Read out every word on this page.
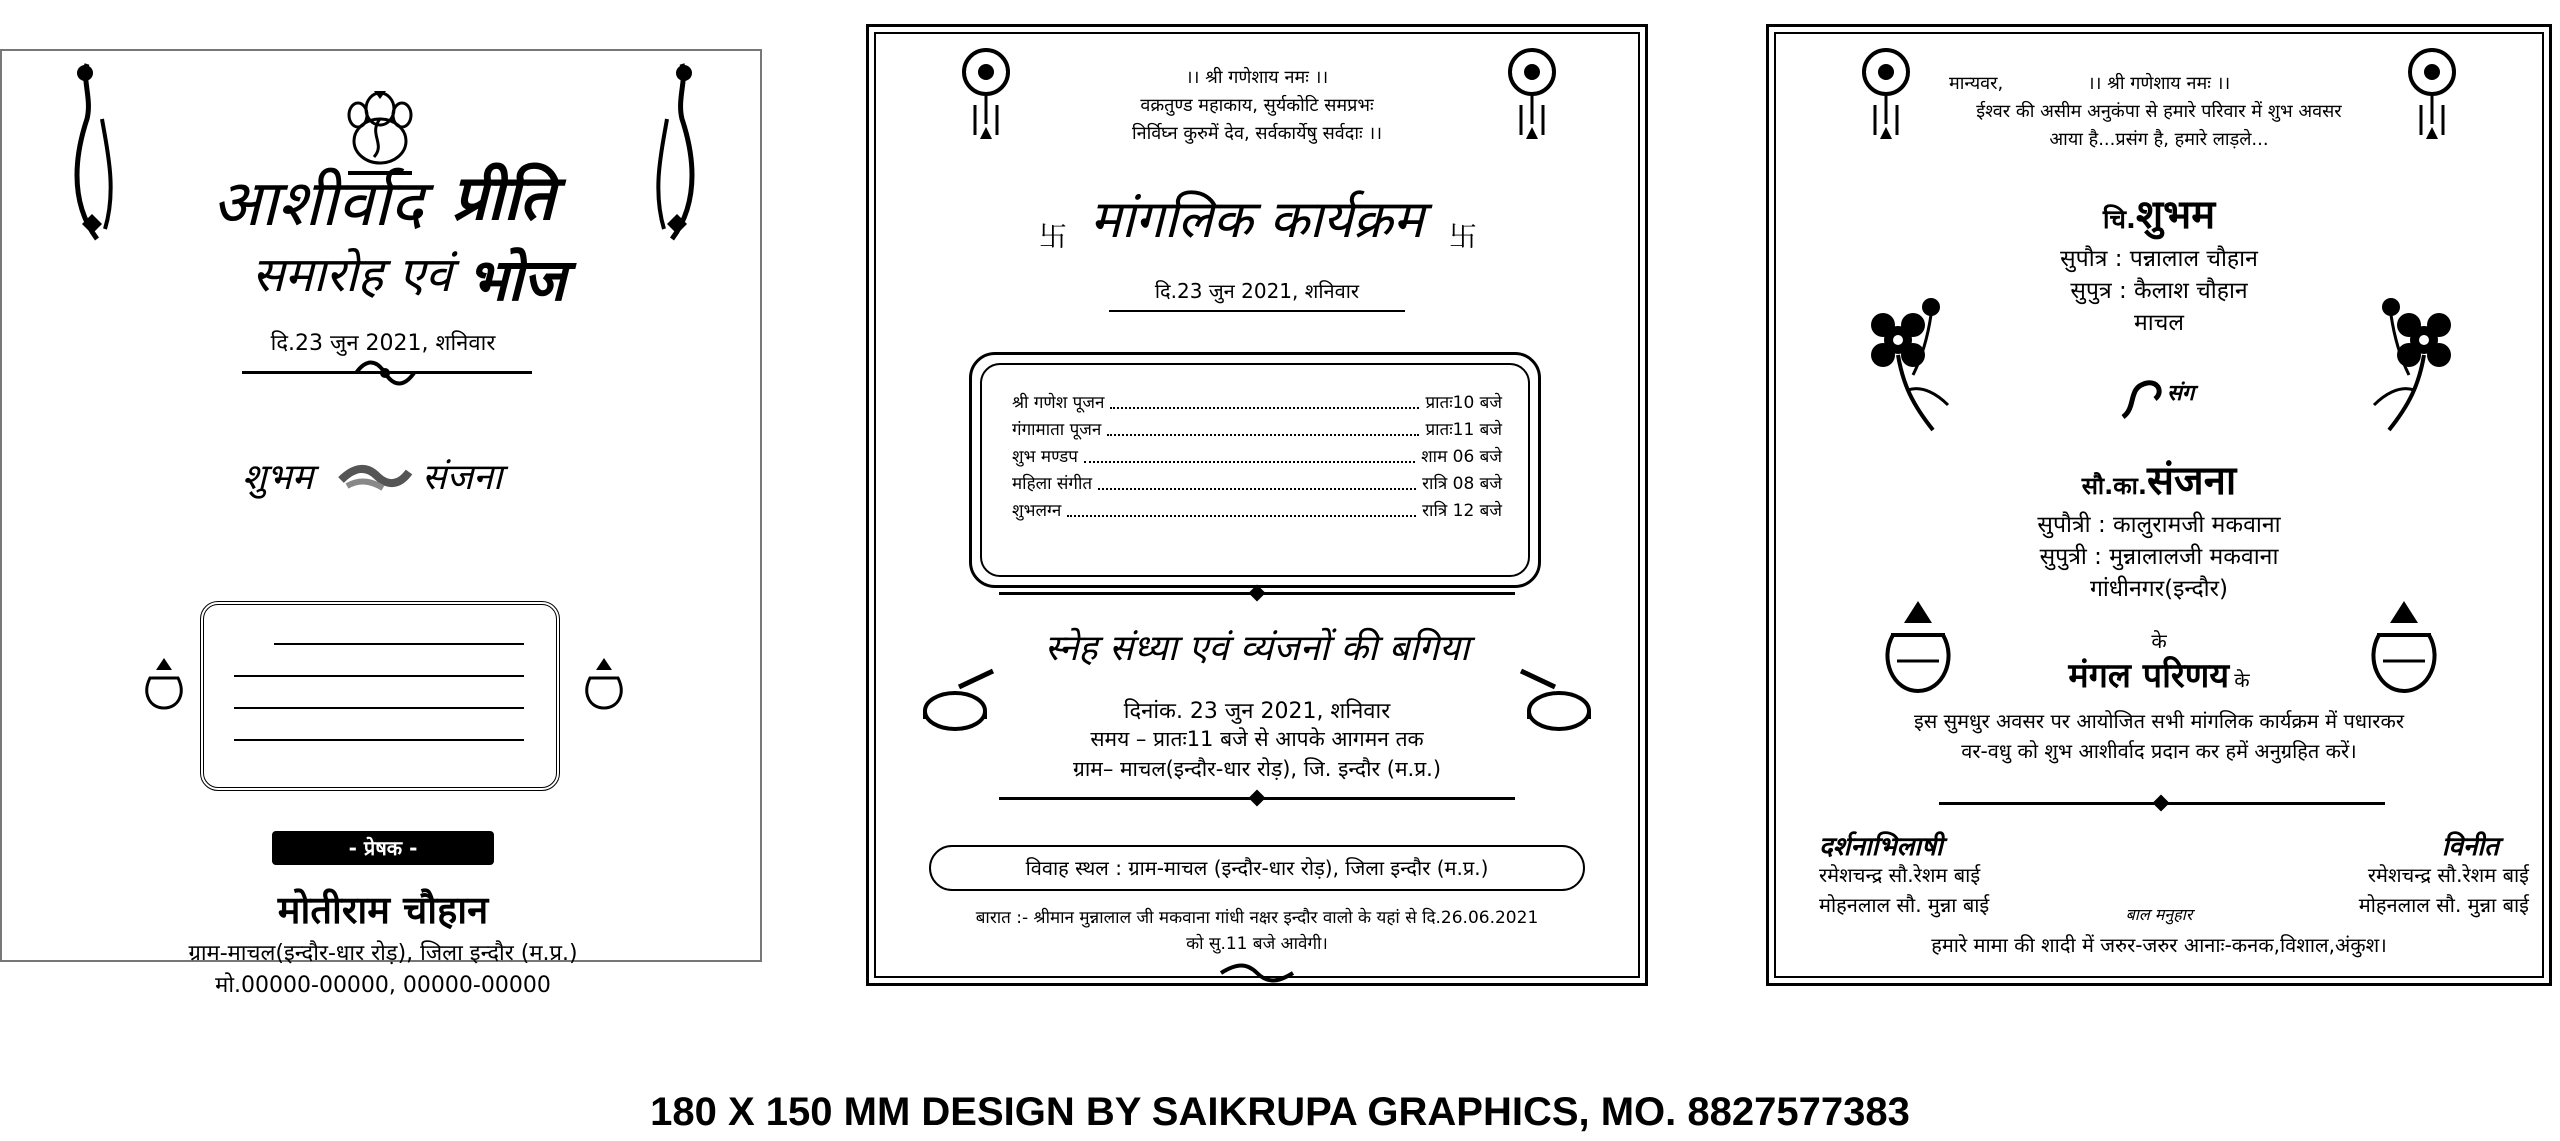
आशीर्वाद
समारोह एवं
प्रीति
भोज
दि.23 जुन 2021, शनिवार
शुभम	संजना
- प्रेषक -
मोतीराम चौहान
ग्राम-माचल(इन्दौर-धार रोड़), जिला इन्दौर (म.प्र.)
मो.00000-00000, 00000-00000
।। श्री गणेशाय नमः ।।
वक्रतुण्ड महाकाय, सुर्यकोटि समप्रभः
निर्विघ्न कुरुमें देव, सर्वकार्येषु सर्वदाः ।।
卐 मांगलिक कार्यक्रम 卐
दि.23 जुन 2021, शनिवार
श्री गणेश पूजन	प्रातः10 बजे
गंगामाता पूजन	प्रातः11 बजे
शुभ मण्डप	शाम 06 बजे
महिला संगीत	रात्रि 08 बजे
शुभलग्न	रात्रि 12 बजे
स्नेह संध्या एवं व्यंजनों की बगिया
दिनांक. 23 जुन 2021, शनिवार
समय – प्रातः11 बजे से आपके आगमन तक
ग्राम– माचल(इन्दौर-धार रोड़), जि. इन्दौर (म.प्र.)
विवाह स्थल : ग्राम-माचल (इन्दौर-धार रोड़), जिला इन्दौर (म.प्र.)
बारात :- श्रीमान मुन्नालाल जी मकवाना गांधी नक्षर इन्दौर वालो के यहां से दि.26.06.2021
को सु.11 बजे आवेगी।
मान्यवर,	।। श्री गणेशाय नमः ।।
ईश्वर की असीम अनुकंपा से हमारे परिवार में शुभ अवसर
आया है...प्रसंग है, हमारे लाड़ले...
चि.शुभम
सुपौत्र : पन्नालाल चौहान
सुपुत्र : कैलाश चौहान
माचल
संग
सौ.का.संजना
सुपौत्री : कालुरामजी मकवाना
सुपुत्री : मुन्नालालजी मकवाना
गांधीनगर(इन्दौर)
के
मंगल परिणय के
इस सुमधुर अवसर पर आयोजित सभी मांगलिक कार्यक्रम में पधारकर
वर-वधु को शुभ आशीर्वाद प्रदान कर हमें अनुग्रहित करें।
दर्शनाभिलाषी
रमेशचन्द्र सौ.रेशम बाई
मोहनलाल सौ. मुन्ना बाई
विनीत
रमेशचन्द्र सौ.रेशम बाई
मोहनलाल सौ. मुन्ना बाई
बाल मनुहार
हमारे मामा की शादी में जरुर-जरुर आनाः-कनक,विशाल,अंकुश।
180 X 150 MM DESIGN BY SAIKRUPA GRAPHICS, MO. 8827577383
